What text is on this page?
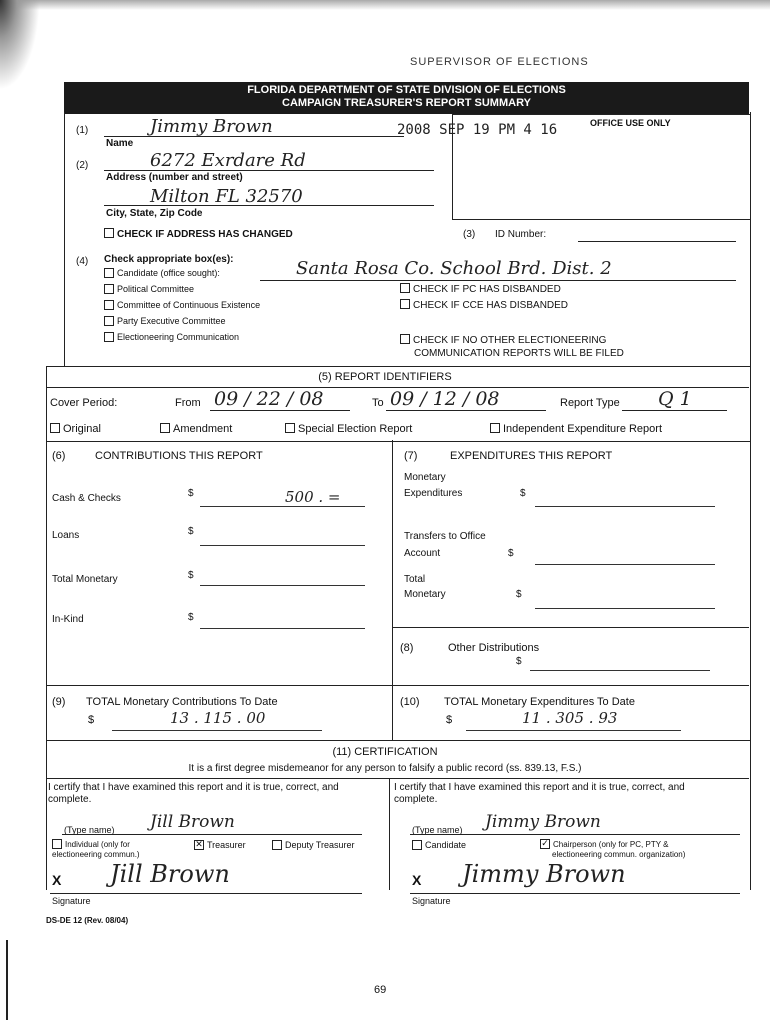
SUPERVISOR OF ELECTIONS
2008 SEP 19 PM 4 16
FLORIDA DEPARTMENT OF STATE DIVISION OF ELECTIONS
CAMPAIGN TREASURER'S REPORT SUMMARY
(1)	Jimmy Brown
Name
(2)	6272 Exrdare Rd
Address (number and street)
Milton FL 32570
City, State, Zip Code
CHECK IF ADDRESS HAS CHANGED
OFFICE USE ONLY
(3) ID Number:
(4) Check appropriate box(es):
Candidate (office sought):	Santa Rosa Co. School Brd. Dist. 2
Political Committee
Committee of Continuous Existence
Party Executive Committee
Electioneering Communication
CHECK IF PC HAS DISBANDED
CHECK IF CCE HAS DISBANDED
CHECK IF NO OTHER ELECTIONEERING
COMMUNICATION REPORTS WILL BE FILED
(5) REPORT IDENTIFIERS
Cover Period:	From 09 / 22 / 08	To 09 / 12 / 08	Report Type Q 1
Original	Amendment	Special Election Report	Independent Expenditure Report
(6)	CONTRIBUTIONS THIS REPORT
Cash & Checks	$	500 . =
Loans	$
Total Monetary	$
In-Kind	$
(7)	EXPENDITURES THIS REPORT
Monetary
Expenditures	$
Transfers to Office
Account	$
Total
Monetary	$
(8)	Other Distributions
$
(9) TOTAL Monetary Contributions To Date
$	13 . 115 . 00
(10) TOTAL Monetary Expenditures To Date
$	11 . 305 . 93
(11) CERTIFICATION
It is a first degree misdemeanor for any person to falsify a public record (ss. 839.13, F.S.)
I certify that I have examined this report and it is true, correct, and
complete.
I certify that I have examined this report and it is true, correct, and
complete.
(Type name) Jill Brown	(Type name) Jimmy Brown
Individual (only for
electioneering commun.)
✕ Treasurer	Deputy Treasurer	Candidate	✓ Chairperson (only for PC, PTY &
electioneering commun. organization)
X Jill Brown
Signature
X Jimmy Brown
Signature
DS-DE 12 (Rev. 08/04)
69
